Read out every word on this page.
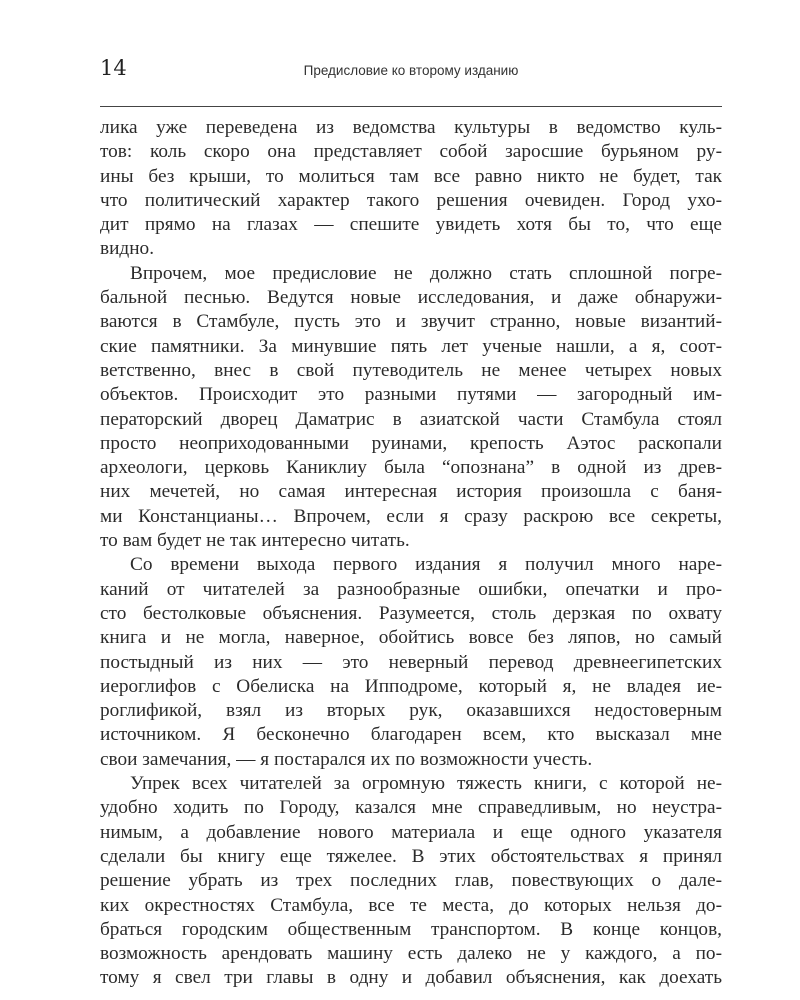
14	Предисловие ко второму изданию
лика уже переведена из ведомства культуры в ведомство куль-
тов: коль скоро она представляет собой заросшие бурьяном ру-
ины без крыши, то молиться там все равно никто не будет, так
что политический характер такого решения очевиден. Город ухо-
дит прямо на глазах — спешите увидеть хотя бы то, что еще
видно.
Впрочем, мое предисловие не должно стать сплошной погре-
бальной песнью. Ведутся новые исследования, и даже обнаружи-
ваются в Стамбуле, пусть это и звучит странно, новые византий-
ские памятники. За минувшие пять лет ученые нашли, а я, соот-
ветственно, внес в свой путеводитель не менее четырех новых
объектов. Происходит это разными путями — загородный им-
ператорский дворец Даматрис в азиатской части Стамбула стоял
просто неоприходованными руинами, крепость Аэтос раскопали
археологи, церковь Каниклиу была “опознана” в одной из древ-
них мечетей, но самая интересная история произошла с баня-
ми Констанцианы… Впрочем, если я сразу раскрою все секреты,
то вам будет не так интересно читать.
Со времени выхода первого издания я получил много наре-
каний от читателей за разнообразные ошибки, опечатки и про-
сто бестолковые объяснения. Разумеется, столь дерзкая по охвату
книга и не могла, наверное, обойтись вовсе без ляпов, но самый
постыдный из них — это неверный перевод древнеегипетских
иероглифов с Обелиска на Ипподроме, который я, не владея ие-
роглификой, взял из вторых рук, оказавшихся недостоверным
источником. Я бесконечно благодарен всем, кто высказал мне
свои замечания, — я постарался их по возможности учесть.
Упрек всех читателей за огромную тяжесть книги, с которой не-
удобно ходить по Городу, казался мне справедливым, но неустра-
нимым, а добавление нового материала и еще одного указателя
сделали бы книгу еще тяжелее. В этих обстоятельствах я принял
решение убрать из трех последних глав, повествующих о дале-
ких окрестностях Стамбула, все те места, до которых нельзя до-
браться городским общественным транспортом. В конце концов,
возможность арендовать машину есть далеко не у каждого, а по-
тому я свел три главы в одну и добавил объяснения, как доехать
